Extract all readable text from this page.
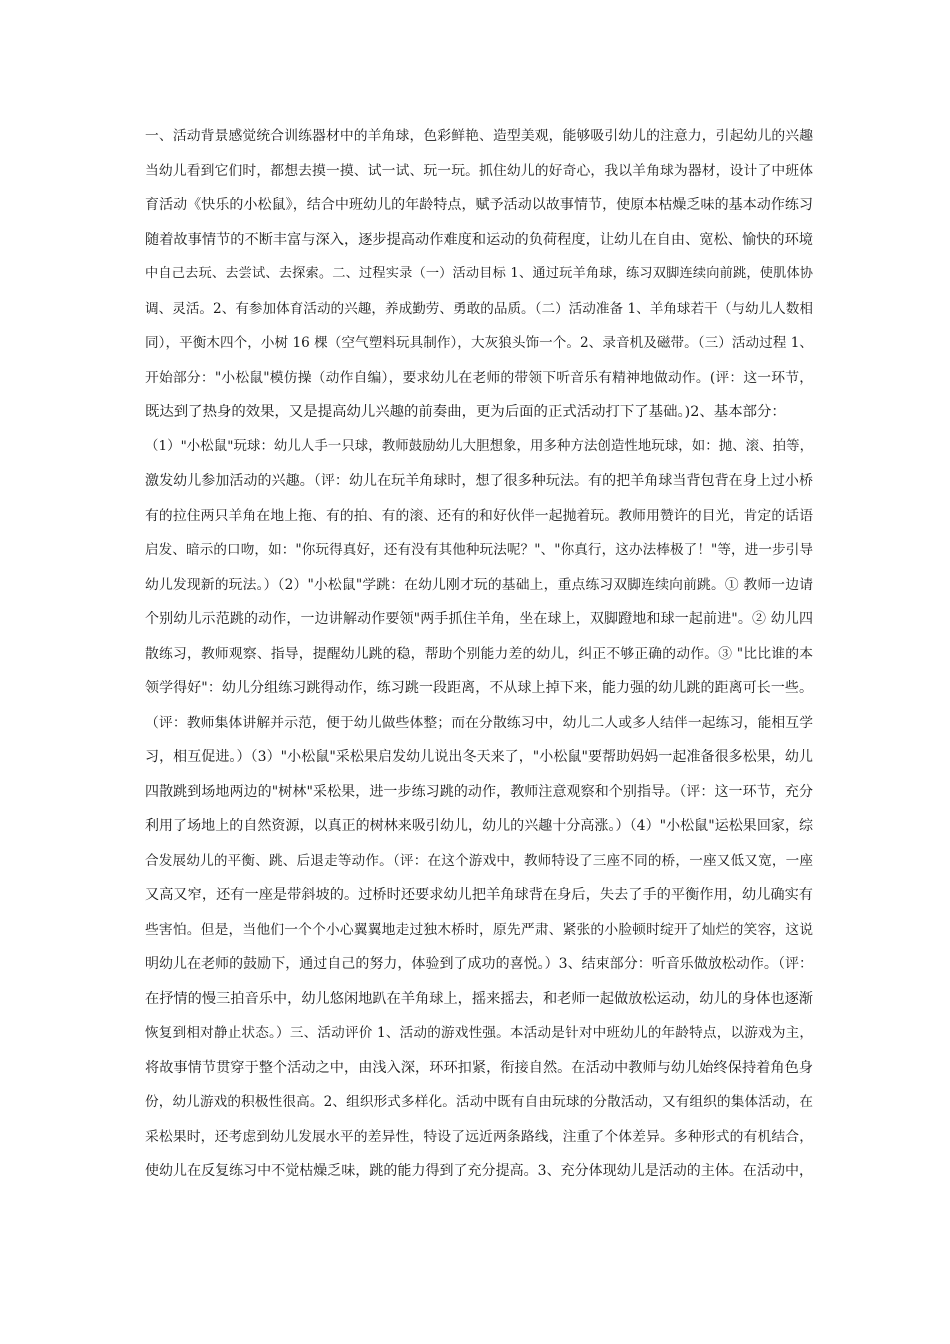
一、活动背景感觉统合训练器材中的羊角球，色彩鲜艳、造型美观，能够吸引幼儿的注意力，引起幼儿的兴趣
当幼儿看到它们时，都想去摸一摸、试一试、玩一玩。抓住幼儿的好奇心，我以羊角球为器材，设计了中班体
育活动《快乐的小松鼠》，结合中班幼儿的年龄特点，赋予活动以故事情节，使原本枯燥乏味的基本动作练习
随着故事情节的不断丰富与深入，逐步提高动作难度和运动的负荷程度，让幼儿在自由、宽松、愉快的环境
中自己去玩、去尝试、去探索。二、过程实录（一）活动目标 1、通过玩羊角球，练习双脚连续向前跳，使肌体协
调、灵活。2、有参加体育活动的兴趣，养成勤劳、勇敢的品质。（二）活动准备 1、羊角球若干（与幼儿人数相
同），平衡木四个，小树 16 棵（空气塑料玩具制作），大灰狼头饰一个。2、录音机及磁带。（三）活动过程 1、
开始部分："小松鼠"模仿操（动作自编），要求幼儿在老师的带领下听音乐有精神地做动作。(评：这一环节，
既达到了热身的效果，又是提高幼儿兴趣的前奏曲，更为后面的正式活动打下了基础。)2、基本部分：
（1）"小松鼠"玩球：幼儿人手一只球，教师鼓励幼儿大胆想象，用多种方法创造性地玩球，如：抛、滚、拍等，
激发幼儿参加活动的兴趣。（评：幼儿在玩羊角球时，想了很多种玩法。有的把羊角球当背包背在身上过小桥
有的拉住两只羊角在地上拖、有的拍、有的滚、还有的和好伙伴一起抛着玩。教师用赞许的目光，肯定的话语
启发、暗示的口吻，如："你玩得真好，还有没有其他种玩法呢？"、"你真行，这办法棒极了！"等，进一步引导
幼儿发现新的玩法。）（2）"小松鼠"学跳：在幼儿刚才玩的基础上，重点练习双脚连续向前跳。① 教师一边请
个别幼儿示范跳的动作，一边讲解动作要领"两手抓住羊角，坐在球上，双脚蹬地和球一起前进"。② 幼儿四
散练习，教师观察、指导，提醒幼儿跳的稳，帮助个别能力差的幼儿，纠正不够正确的动作。③ "比比谁的本
领学得好"：幼儿分组练习跳得动作，练习跳一段距离，不从球上掉下来，能力强的幼儿跳的距离可长一些。
（评：教师集体讲解并示范，便于幼儿做些体整；而在分散练习中，幼儿二人或多人结伴一起练习，能相互学
习，相互促进。）（3）"小松鼠"采松果启发幼儿说出冬天来了，"小松鼠"要帮助妈妈一起准备很多松果，幼儿
四散跳到场地两边的"树林"采松果，进一步练习跳的动作，教师注意观察和个别指导。（评：这一环节，充分
利用了场地上的自然资源，以真正的树林来吸引幼儿，幼儿的兴趣十分高涨。）（4）"小松鼠"运松果回家，综
合发展幼儿的平衡、跳、后退走等动作。（评：在这个游戏中，教师特设了三座不同的桥，一座又低又宽，一座
又高又窄，还有一座是带斜坡的。过桥时还要求幼儿把羊角球背在身后，失去了手的平衡作用，幼儿确实有
些害怕。但是，当他们一个个小心翼翼地走过独木桥时，原先严肃、紧张的小脸顿时绽开了灿烂的笑容，这说
明幼儿在老师的鼓励下，通过自己的努力，体验到了成功的喜悦。）3、结束部分：听音乐做放松动作。（评：
在抒情的慢三拍音乐中，幼儿悠闲地趴在羊角球上，摇来摇去，和老师一起做放松运动，幼儿的身体也逐渐
恢复到相对静止状态。）三、活动评价 1、活动的游戏性强。本活动是针对中班幼儿的年龄特点，以游戏为主，
将故事情节贯穿于整个活动之中，由浅入深，环环扣紧，衔接自然。在活动中教师与幼儿始终保持着角色身
份，幼儿游戏的积极性很高。2、组织形式多样化。活动中既有自由玩球的分散活动，又有组织的集体活动，在
采松果时，还考虑到幼儿发展水平的差异性，特设了远近两条路线，注重了个体差异。多种形式的有机结合，
使幼儿在反复练习中不觉枯燥乏味，跳的能力得到了充分提高。3、充分体现幼儿是活动的主体。在活动中，
